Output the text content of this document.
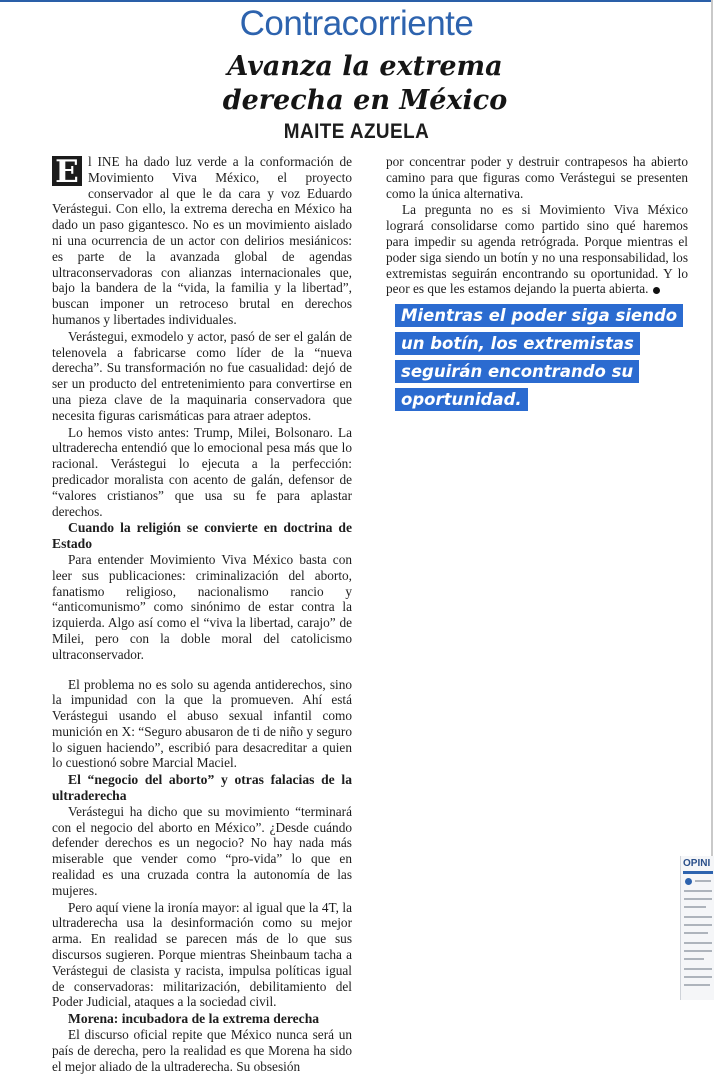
Contracorriente
Avanza la extrema derecha en México
MAITE AZUELA

E l INE ha dado luz verde a la conformación de Movimiento Viva México, el proyecto conservador al que le da cara y voz Eduardo Verástegui. Con ello, la extrema derecha en México ha dado un paso gigantesco. No es un movimiento aislado ni una ocurrencia de un actor con delirios mesiánicos: es parte de la avanzada global de agendas ultraconservadoras con alianzas internacionales que, bajo la bandera de la “vida, la familia y la libertad”, buscan imponer un retroceso brutal en derechos humanos y libertades individuales.

Verástegui, exmodelo y actor, pasó de ser el galán de telenovela a fabricarse como líder de la “nueva derecha”. Su transformación no fue casualidad: dejó de ser un producto del entretenimiento para convertirse en una pieza clave de la maquinaria conservadora que necesita figuras carismáticas para atraer adeptos.

Lo hemos visto antes: Trump, Milei, Bolsonaro. La ultraderecha entendió que lo emocional pesa más que lo racional. Verástegui lo ejecuta a la perfección: predicador moralista con acento de galán, defensor de “valores cristianos” que usa su fe para aplastar derechos.

Cuando la religión se convierte en doctrina de Estado

Para entender Movimiento Viva México basta con leer sus publicaciones: criminalización del aborto, fanatismo religioso, nacionalismo rancio y “anticomunismo” como sinónimo de estar contra la izquierda. Algo así como el “viva la libertad, carajo” de Milei, pero con la doble moral del catolicismo ultraconservador.

El problema no es solo su agenda antiderechos, sino la impunidad con la que la promueven. Ahí está Verástegui usando el abuso sexual infantil como munición en X: “Seguro abusaron de ti de niño y seguro lo siguen haciendo”, escribió para desacreditar a quien lo cuestionó sobre Marcial Maciel.

El “negocio del aborto” y otras falacias de la ultraderecha

Verástegui ha dicho que su movimiento “terminará con el negocio del aborto en México”. ¿Desde cuándo defender derechos es un negocio? No hay nada más miserable que vender como “pro-vida” lo que en realidad es una cruzada contra la autonomía de las mujeres.

Pero aquí viene la ironía mayor: al igual que la 4T, la ultraderecha usa la desinformación como su mejor arma. En realidad se parecen más de lo que sus discursos sugieren. Porque mientras Sheinbaum tacha a Verástegui de clasista y racista, impulsa políticas igual de conservadoras: militarización, debilitamiento del Poder Judicial, ataques a la sociedad civil.

Morena: incubadora de la extrema derecha

El discurso oficial repite que México nunca será un país de derecha, pero la realidad es que Morena ha sido el mejor aliado de la ultraderecha. Su obsesión

por concentrar poder y destruir contrapesos ha abierto camino para que figuras como Verástegui se presenten como la única alternativa.

La pregunta no es si Movimiento Viva México logrará consolidarse como partido sino qué haremos para impedir su agenda retrógrada. Porque mientras el poder siga siendo un botín y no una responsabilidad, los extremistas seguirán encontrando su oportunidad. Y lo peor es que les estamos dejando la puerta abierta.

Mientras el poder siga siendo un botín, los extremistas seguirán encontrando su oportunidad.
OPINI
